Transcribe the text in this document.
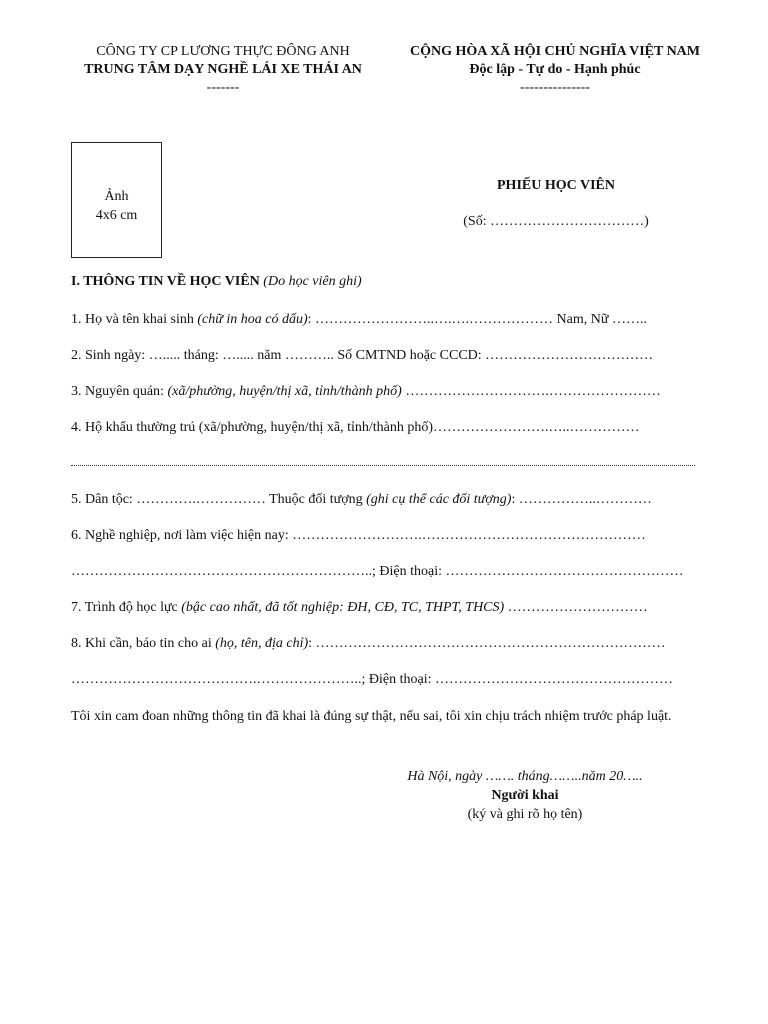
CÔNG TY CP LƯƠNG THỰC ĐÔNG ANH
TRUNG TÂM DẠY NGHỀ LÁI XE THÁI AN
-------
CỘNG HÒA XÃ HỘI CHỦ NGHĨA VIỆT NAM
Độc lập - Tự do - Hạnh phúc
---------------
Ảnh
4x6 cm
PHIẾU HỌC VIÊN
(Số: ……………………………)
I. THÔNG TIN VỀ HỌC VIÊN (Do học viên ghi)
1. Họ và tên khai sinh (chữ in hoa có dấu): ……………………..….….……………… Nam, Nữ ……..
2. Sinh ngày: …..... tháng: …..... năm ……….. Số CMTND hoặc CCCD: ………………………………
3. Nguyên quán: (xã/phường, huyện/thị xã, tỉnh/thành phố) ………………………….……………………
4. Hộ khẩu thường trú (xã/phường, huyện/thị xã, tỉnh/thành phố)…………………….…..……………
5. Dân tộc: ………….…………… Thuộc đối tượng (ghi cụ thể các đối tượng): ……………..…………
6. Nghề nghiệp, nơi làm việc hiện nay: ……………………….…………………………………………
………………………………………………………..; Điện thoại: ……………………………………………
7. Trình độ học lực (bậc cao nhất, đã tốt nghiệp: ĐH, CĐ, TC, THPT, THCS) …………………………
8. Khi cần, báo tin cho ai (họ, tên, địa chỉ): …………………………………………………………………
………………………………….…………………..; Điện thoại: ……………………………………………
Tôi xin cam đoan những thông tin đã khai là đúng sự thật, nếu sai, tôi xin chịu trách nhiệm trước pháp luật.
Hà Nội, ngày ……. tháng……..năm 20…..
Người khai
(ký và ghi rõ họ tên)
